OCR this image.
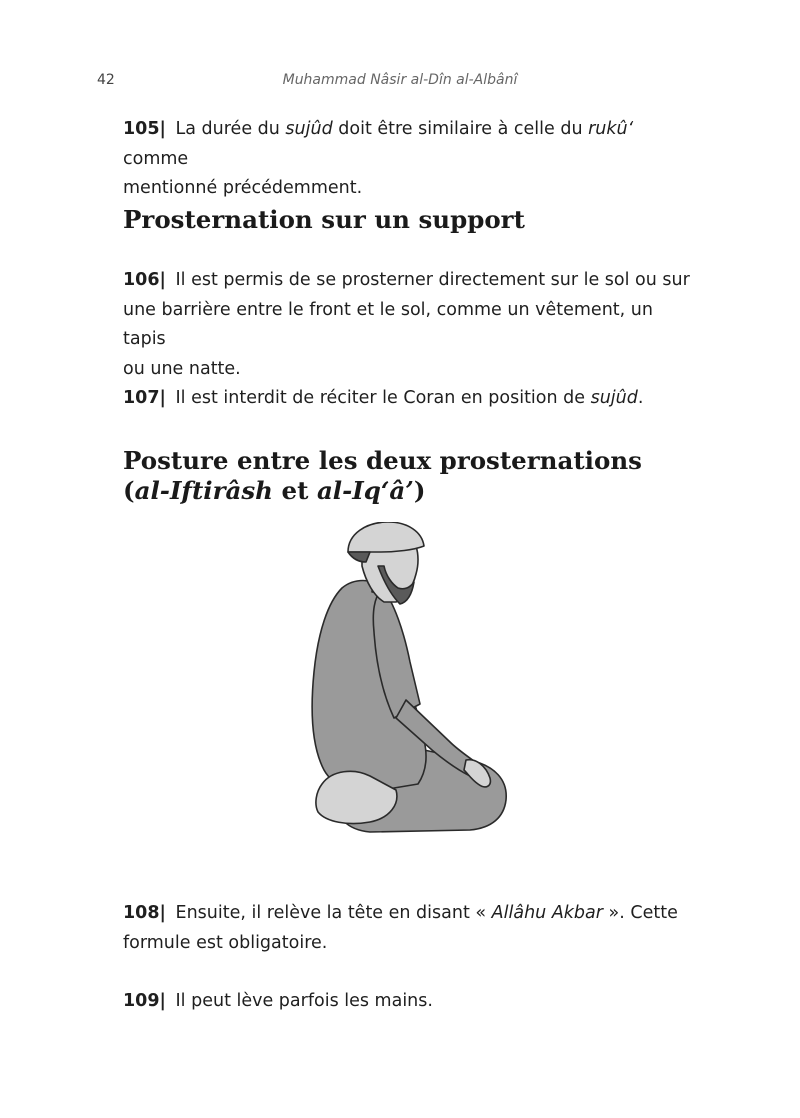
42	Muhammad Nâsir al-Dîn al-Albânî
105| La durée du sujûd doit être similaire à celle du rukû‘ comme
mentionné précédemment.
Prosternation sur un support
106| Il est permis de se prosterner directement sur le sol ou sur
une barrière entre le front et le sol, comme un vêtement, un tapis
ou une natte.
107| Il est interdit de réciter le Coran en position de sujûd.
Posture entre les deux prosternations
(al-Iftirâsh et al-Iq‘â’)
108| Ensuite, il relève la tête en disant « Allâhu Akbar ». Cette
formule est obligatoire.
109| Il peut lève parfois les mains.
